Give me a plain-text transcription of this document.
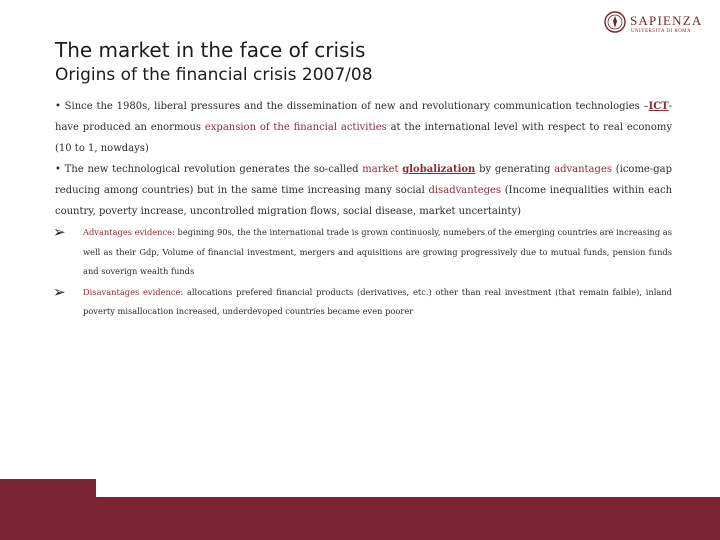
SAPIENZA
UNIVERSITÀ DI ROMA
The market in the face of crisis
Origins of the financial crisis 2007/08

• Since the 1980s, liberal pressures and the dissemination of new and revolutionary communication technologies –ICT- have produced an enormous expansion of the financial activities at the international level with respect to real economy (10 to 1, nowdays)

• The new technological revolution generates the so-called market globalization by generating advantages (icome-gap reducing among countries) but in the same time increasing many social disadvanteges (Income inequalities within each country, poverty increase, uncontrolled migration flows, social disease, market uncertainty)

➢ Advantages evidence: begining 90s, the the international trade is grown continuosly, numebers of the emerging countries are increasing as well as their Gdp, Volume of financial investment, mergers and aquisitions are growing progressively due to mutual funds, pension funds and soverign wealth funds

➢ Disavantages evidence: allocations prefered financial products (derivatives, etc.) other than real investment (that remain faible), inland poverty misallocation increased, underdevoped countries became even poorer
